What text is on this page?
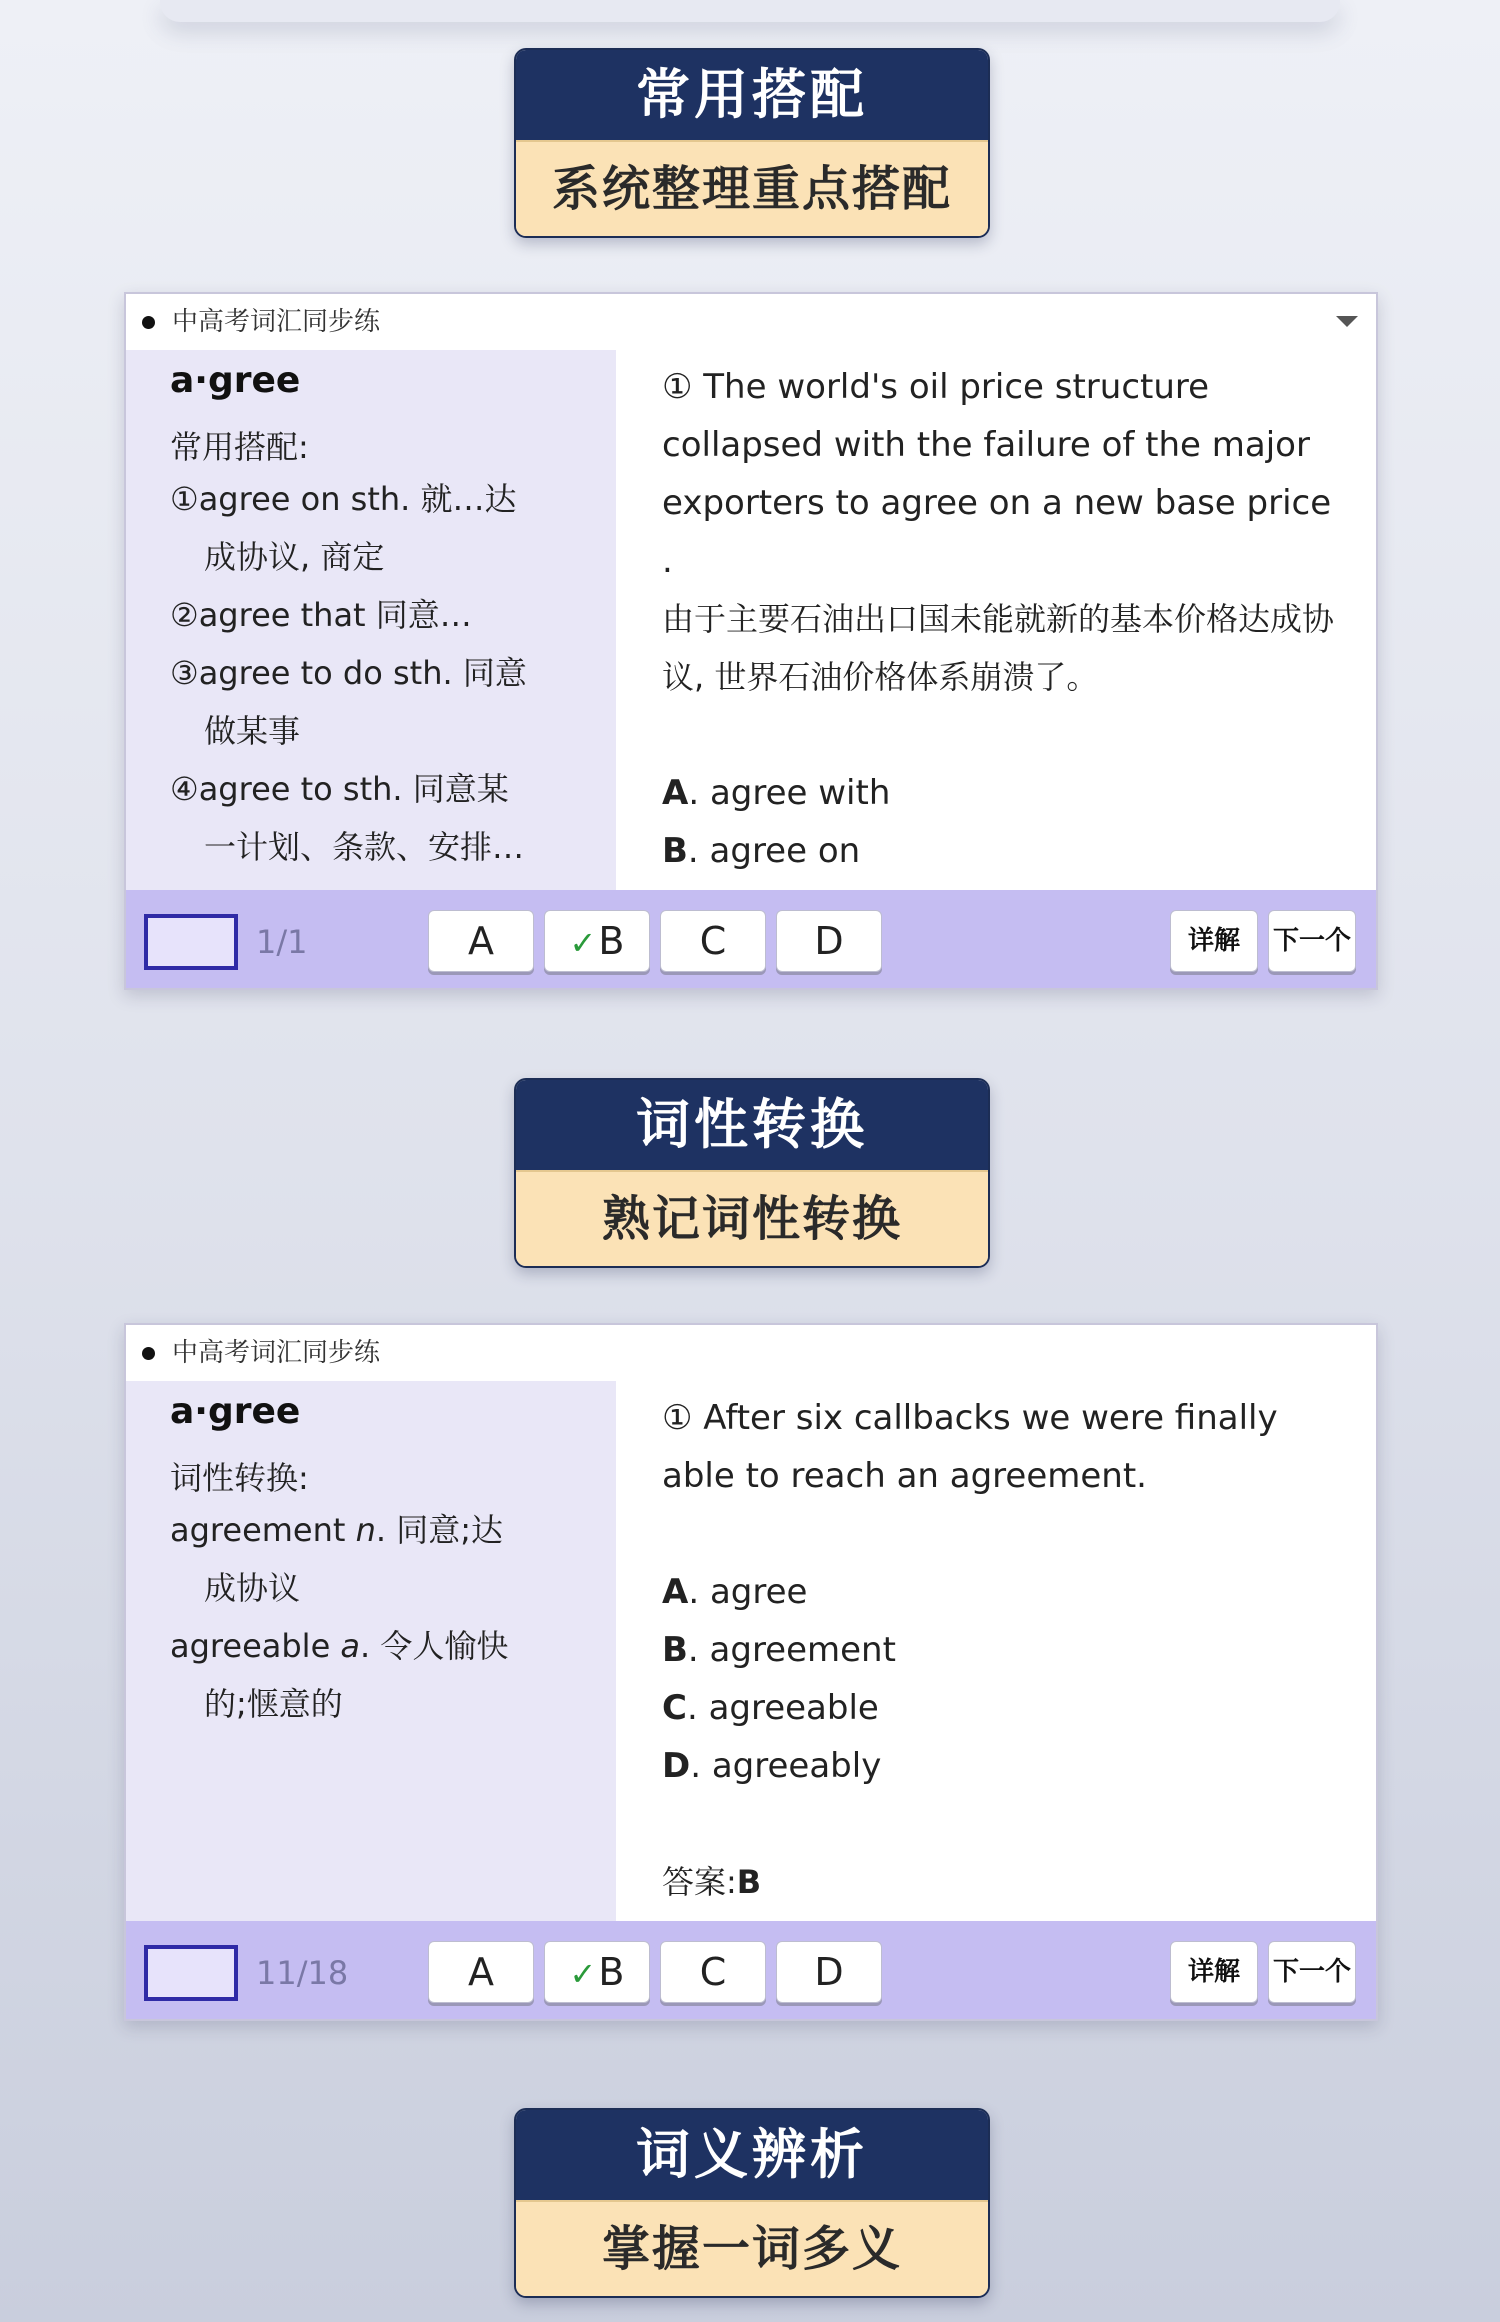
常用搭配
系统整理重点搭配
中高考词汇同步练
a·gree
常用搭配:
①agree on sth. 就…达
成协议, 商定
②agree that 同意…
③agree to do sth. 同意
做某事
④agree to sth. 同意某
一计划、条款、安排…
① The world's oil price structure collapsed with the failure of the major exporters to agree on a new base price .
由于主要石油出口国未能就新的基本价格达成协议, 世界石油价格体系崩溃了。
A. agree with
B. agree on
1/1	A	✓B	C	D	详解	下一个
词性转换
熟记词性转换
中高考词汇同步练
a·gree
词性转换:
agreement n. 同意;达
成协议
agreeable a. 令人愉快
的;惬意的
① After six callbacks we were finally able to reach an agreement.
A. agree
B. agreement
C. agreeable
D. agreeably
答案:B
11/18	A	✓B	C	D	详解	下一个
词义辨析
掌握一词多义
